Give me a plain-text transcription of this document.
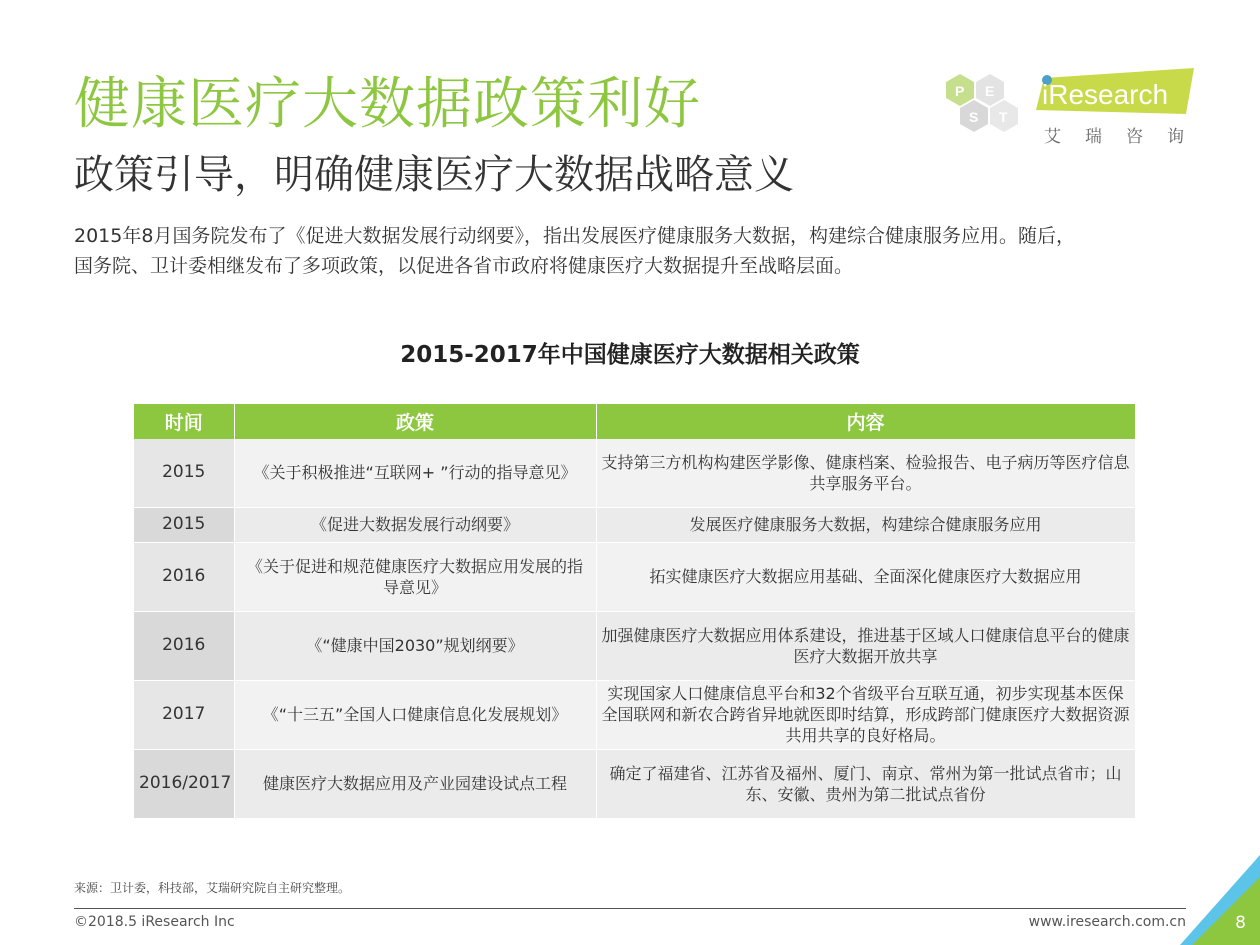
健康医疗大数据政策利好
政策引导，明确健康医疗大数据战略意义
2015年8月国务院发布了《促进大数据发展行动纲要》，指出发展医疗健康服务大数据，构建综合健康服务应用。随后，
国务院、卫计委相继发布了多项政策，以促进各省市政府将健康医疗大数据提升至战略层面。
P E
S T
iResearch
艾瑞咨询
2015-2017年中国健康医疗大数据相关政策
时间	政策	内容
2015	《关于积极推进“互联网+ ”行动的指导意见》	支持第三方机构构建医学影像、健康档案、检验报告、电子病历等医疗信息共享服务平台。
2015	《促进大数据发展行动纲要》	发展医疗健康服务大数据，构建综合健康服务应用
2016	《关于促进和规范健康医疗大数据应用发展的指导意见》	拓实健康医疗大数据应用基础、全面深化健康医疗大数据应用
2016	《“健康中国2030”规划纲要》	加强健康医疗大数据应用体系建设，推进基于区域人口健康信息平台的健康医疗大数据开放共享
2017	《“十三五”全国人口健康信息化发展规划》	实现国家人口健康信息平台和32个省级平台互联互通，初步实现基本医保全国联网和新农合跨省异地就医即时结算，形成跨部门健康医疗大数据资源共用共享的良好格局。
2016/2017	健康医疗大数据应用及产业园建设试点工程	确定了福建省、江苏省及福州、厦门、南京、常州为第一批试点省市；山东、安徽、贵州为第二批试点省份
来源：卫计委，科技部，艾瑞研究院自主研究整理。
©2018.5 iResearch Inc	www.iresearch.com.cn	8
